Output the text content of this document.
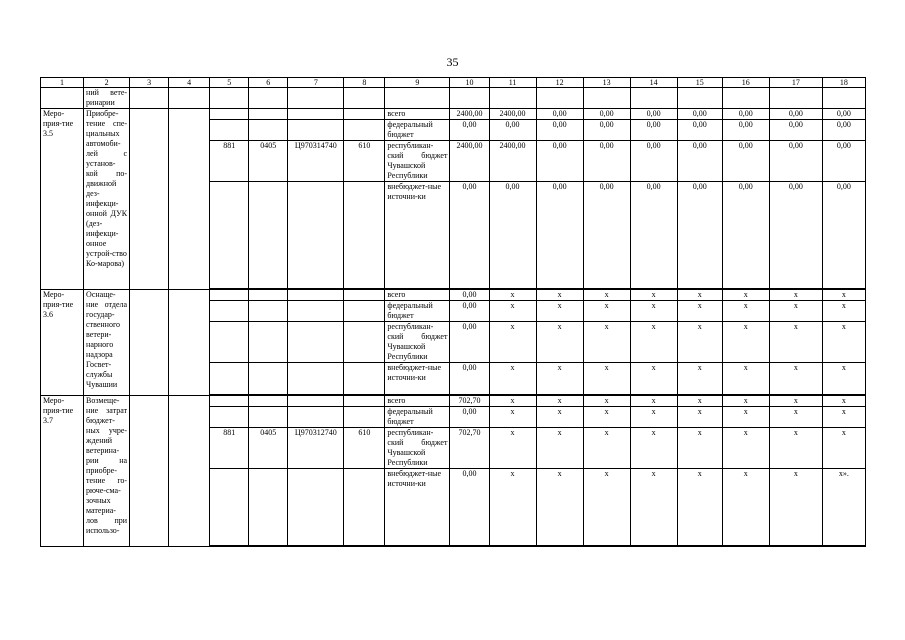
35
1	2	3	4	5	6	7	8	9	10	11	12	13	14	15	16	17	18
	ний вете-ринарии																
Меро-прия-тие 3.5	Приобре-тение спе-циальных автомоби-лей с установ-кой по-движной дез-инфекци-онной ДУК (дез-инфекци-онное устрой-ство Ко-марова)							всего	2400,00	2400,00	0,00	0,00	0,00	0,00	0,00	0,00	0,00
								федеральный бюджет	0,00	0,00	0,00	0,00	0,00	0,00	0,00	0,00	0,00
				881	0405	Ц970314740	610	республикан-ский бюджет Чувашской Республики	2400,00	2400,00	0,00	0,00	0,00	0,00	0,00	0,00	0,00
								внебюджет-ные источни-ки	0,00	0,00	0,00	0,00	0,00	0,00	0,00	0,00	0,00
Меро-прия-тие 3.6	Оснаще-ние отдела государ-ственного ветери-нарного надзора Госвет-службы Чувашии							всего	0,00	х	х	х	х	х	х	х	х
								федеральный бюджет	0,00	х	х	х	х	х	х	х	х
								республикан-ский бюджет Чувашской Республики	0,00	х	х	х	х	х	х	х	х
								внебюджет-ные источни-ки	0,00	х	х	х	х	х	х	х	х
Меро-прия-тие 3.7	Возмеще-ние затрат бюджет-ных учре-ждений ветерина-рии на приобре-тение го-рюче-сма-зочных материа-лов при использо-							всего	702,70	х	х	х	х	х	х	х	х
								федеральный бюджет	0,00	х	х	х	х	х	х	х	х
				881	0405	Ц970312740	610	республикан-ский бюджет Чувашской Республики	702,70	х	х	х	х	х	х	х	х
								внебюджет-ные источни-ки	0,00	х	х	х	х	х	х	х	х».
